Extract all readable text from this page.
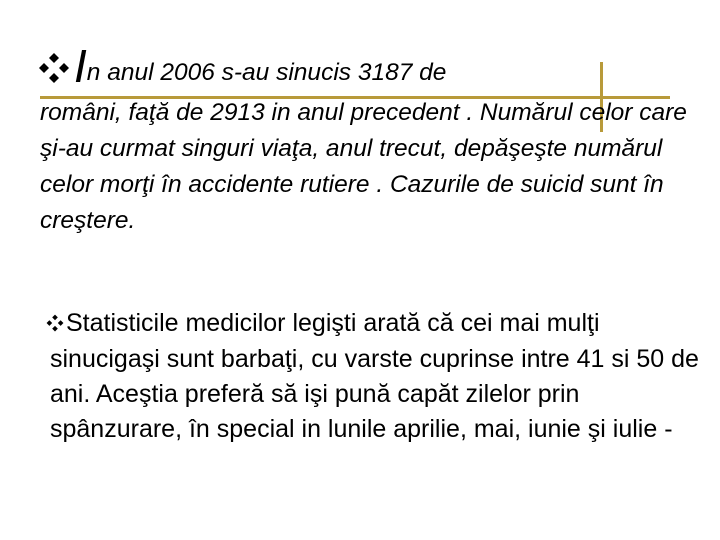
In anul 2006 s-au sinucis 3187 de
români, faţă de 2913 in anul precedent . Numărul celor care şi-au curmat singuri viaţa, anul trecut, depăşeşte numărul celor morţi în accidente rutiere . Cazurile de suicid sunt în creştere.
Statisticile medicilor legişti arată că cei mai mulţi sinucigaşi sunt barbaţi, cu varste cuprinse intre 41 si 50 de ani. Aceştia preferă să işi pună capăt zilelor prin spânzurare, în special in lunile aprilie, mai, iunie şi iulie -
